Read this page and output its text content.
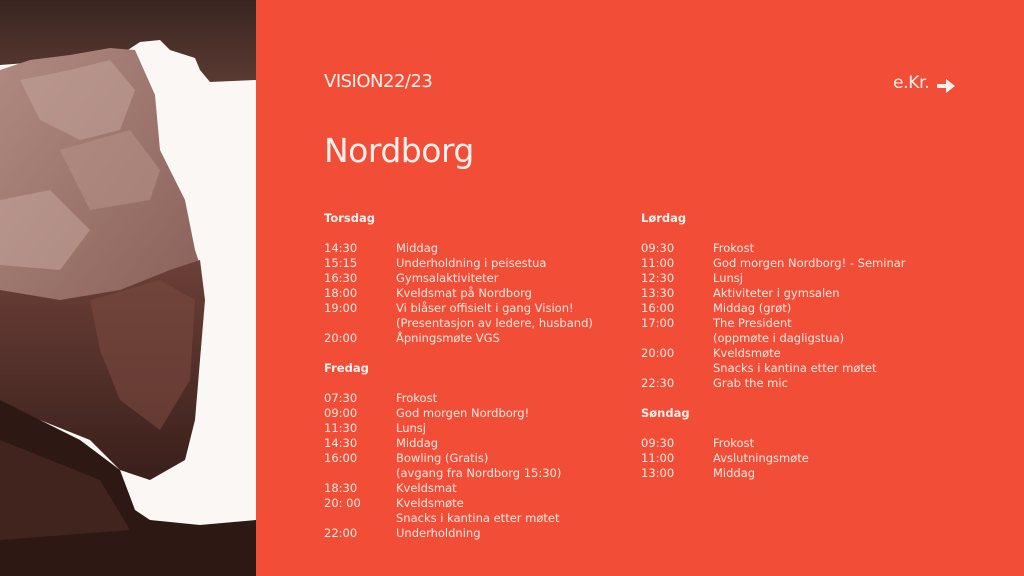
VISION22/23	e.Kr.
Nordborg
Torsdag
14:30	Middag
15:15	Underholdning i peisestua
16:30	Gymsalaktiviteter
18:00	Kveldsmat på Nordborg
19:00	Vi blåser offisielt i gang Vision!
(Presentasjon av ledere, husband)
20:00	Åpningsmøte VGS
Fredag
07:30	Frokost
09:00	God morgen Nordborg!
11:30	Lunsj
14:30	Middag
16:00	Bowling (Gratis)
(avgang fra Nordborg 15:30)
18:30	Kveldsmat
20: 00	Kveldsmøte
Snacks i kantina etter møtet
22:00	Underholdning
Lørdag
09:30	Frokost
11:00	God morgen Nordborg! - Seminar
12:30	Lunsj
13:30	Aktiviteter i gymsalen
16:00	Middag (grøt)
17:00	The President
(oppmøte i dagligstua)
20:00	Kveldsmøte
Snacks i kantina etter møtet
22:30	Grab the mic
Søndag
09:30	Frokost
11:00	Avslutningsmøte
13:00	Middag
